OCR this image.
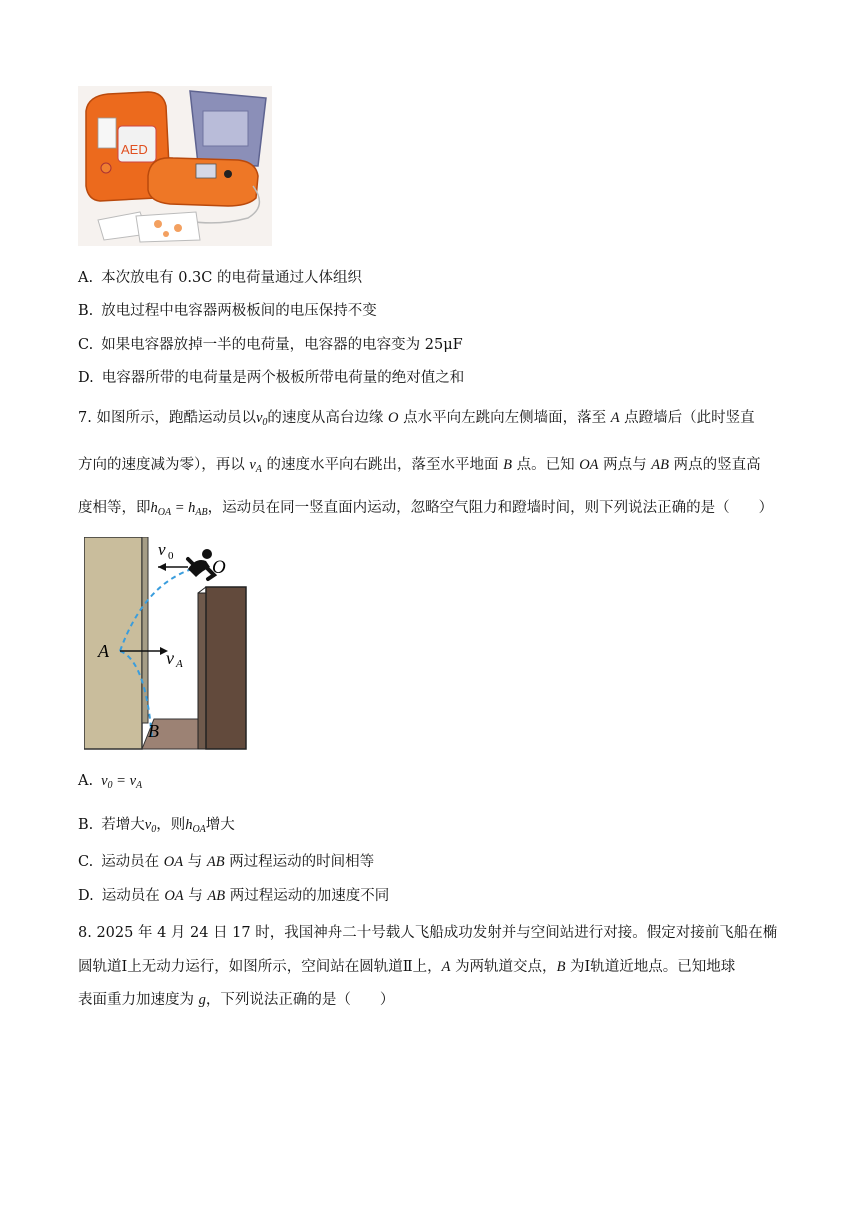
AED
A. 本次放电有 0.3C 的电荷量通过人体组织
B. 放电过程中电容器两极板间的电压保持不变
C. 如果电容器放掉一半的电荷量，电容器的电容变为 25μF
D. 电容器所带的电荷量是两个极板所带电荷量的绝对值之和
7. 如图所示，跑酷运动员以$v_0$的速度从高台边缘 O 点水平向左跳向左侧墙面，落至 A 点蹬墙后（此时竖直
方向的速度减为零），再以 $v_A$ 的速度水平向右跳出，落至水平地面 B 点。已知 OA 两点与 AB 两点的竖直高
度相等，即$h_{OA} = h_{AB}$，运动员在同一竖直面内运动，忽略空气阻力和蹬墙时间，则下列说法正确的是（　　）
v 0
O
A	v A
B
A. $v_0 = v_A$
B. 若增大$v_0$，则$h_{OA}$增大
C. 运动员在 OA 与 AB 两过程运动的时间相等
D. 运动员在 OA 与 AB 两过程运动的加速度不同
8. 2025 年 4 月 24 日 17 时，我国神舟二十号载人飞船成功发射并与空间站进行对接。假定对接前飞船在椭
圆轨道Ⅰ上无动力运行，如图所示，空间站在圆轨道Ⅱ上，A 为两轨道交点，B 为Ⅰ轨道近地点。已知地球
表面重力加速度为 g，下列说法正确的是（　　）
